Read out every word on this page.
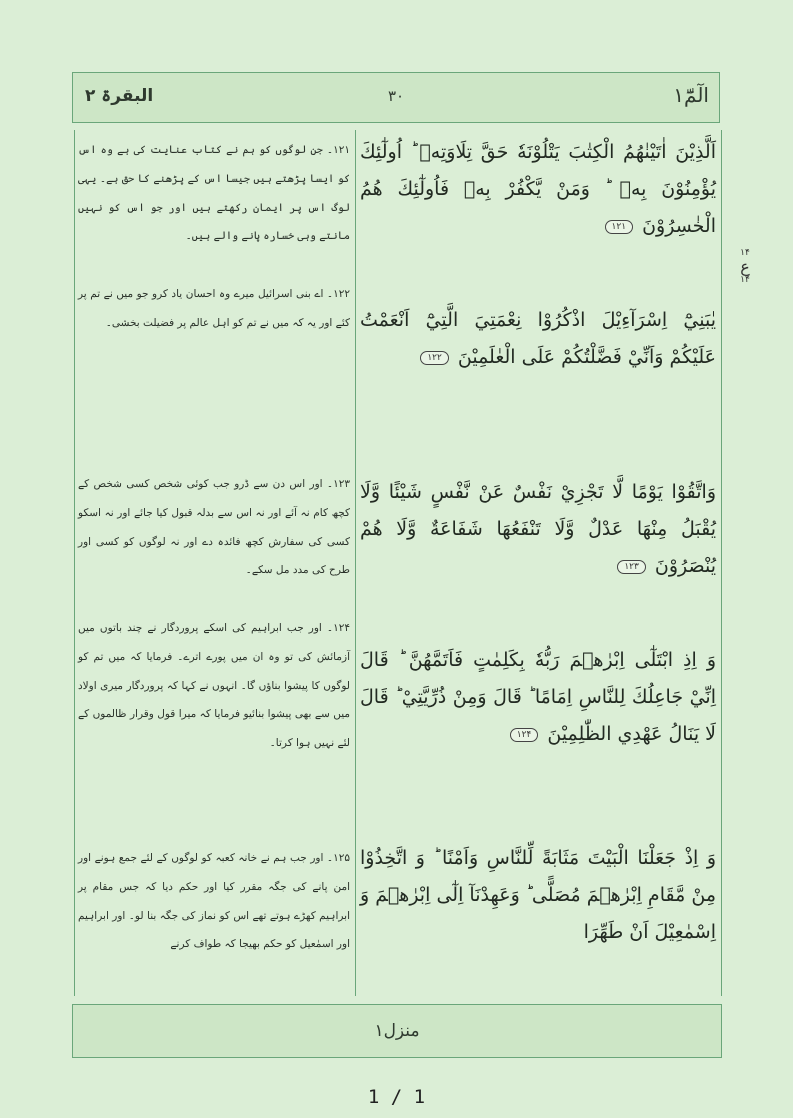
الٓمّٓ۱
۳۰
البقرۃ ۲
۱۲۱۔ جن لوگوں کو ہم نے کتاب عنایت کی ہے وہ اس کو ایسا پڑھتے ہیں جیسا اس کے پڑھنے کا حق ہے۔ یہی لوگ اس پر ایمان رکھتے ہیں اور جو اس کو نہیں مانتے وہی خسارہ پانے والے ہیں۔
۱۲۲۔ اے بنی اسرائیل میرے وہ احسان یاد کرو جو میں نے تم پر کئے اور یہ کہ میں نے تم کو اہل عالم پر فضیلت بخشی۔
۱۲۳۔ اور اس دن سے ڈرو جب کوئی شخص کسی شخص کے کچھ کام نہ آئے اور نہ اس سے بدلہ قبول کیا جائے اور نہ اسکو کسی کی سفارش کچھ فائدہ دے اور نہ لوگوں کو کسی اور طرح کی مدد مل سکے۔
۱۲۴۔ اور جب ابراہیم کی اسکے پروردگار نے چند باتوں میں آزمائش کی تو وہ ان میں پورے اترے۔ فرمایا کہ میں تم کو لوگوں کا پیشوا بناؤں گا۔ انہوں نے کہا کہ پروردگار میری اولاد میں سے بھی پیشوا بنائیو فرمایا کہ میرا قول وقرار ظالموں کے لئے نہیں ہوا کرتا۔
۱۲۵۔ اور جب ہم نے خانہ کعبہ کو لوگوں کے لئے جمع ہونے اور امن پانے کی جگہ مقرر کیا اور حکم دیا کہ جس مقام پر ابراہیم کھڑے ہوتے تھے اس کو نماز کی جگہ بنا لو۔ اور ابراہیم اور اسمٰعیل کو حکم بھیجا کہ طواف کرنے
اَلَّذِيْنَ اٰتَيْنٰهُمُ الْكِتٰبَ يَتْلُوْنَهٗ حَقَّ تِلَاوَتِهٖ ؕ اُولٰٓئِكَ يُؤْمِنُوْنَ بِهٖ ؕ وَمَنْ يَّكْفُرْ بِهٖ فَاُولٰٓئِكَ هُمُ الْخٰسِرُوْنَ ۱۲۱
يٰبَنِيْٓ اِسْرَآءِيْلَ اذْكُرُوْا نِعْمَتِيَ الَّتِيْٓ اَنْعَمْتُ عَلَيْكُمْ وَاَنِّيْ فَضَّلْتُكُمْ عَلَى الْعٰلَمِيْنَ ۱۲۲
وَاتَّقُوْا يَوْمًا لَّا تَجْزِيْ نَفْسٌ عَنْ نَّفْسٍ شَيْئًا وَّلَا يُقْبَلُ مِنْهَا عَدْلٌ وَّلَا تَنْفَعُهَا شَفَاعَةٌ وَّلَا هُمْ يُنْصَرُوْنَ ۱۲۳
وَ اِذِ ابْتَلٰٓى اِبْرٰهٖمَ رَبُّهٗ بِكَلِمٰتٍ فَاَتَمَّهُنَّ ؕ قَالَ اِنِّيْ جَاعِلُكَ لِلنَّاسِ اِمَامًا ؕ قَالَ وَمِنْ ذُرِّيَّتِيْ ؕ قَالَ لَا يَنَالُ عَهْدِي الظّٰلِمِيْنَ ۱۲۴
وَ اِذْ جَعَلْنَا الْبَيْتَ مَثَابَةً لِّلنَّاسِ وَاَمْنًا ؕ وَ اتَّخِذُوْا مِنْ مَّقَامِ اِبْرٰهٖمَ مُصَلًّى ؕ وَعَهِدْنَآ اِلٰٓى اِبْرٰهٖمَ وَ اِسْمٰعِيْلَ اَنْ طَهِّرَا
۱۴
ع
۱۴
منزل۱
1 / 1
